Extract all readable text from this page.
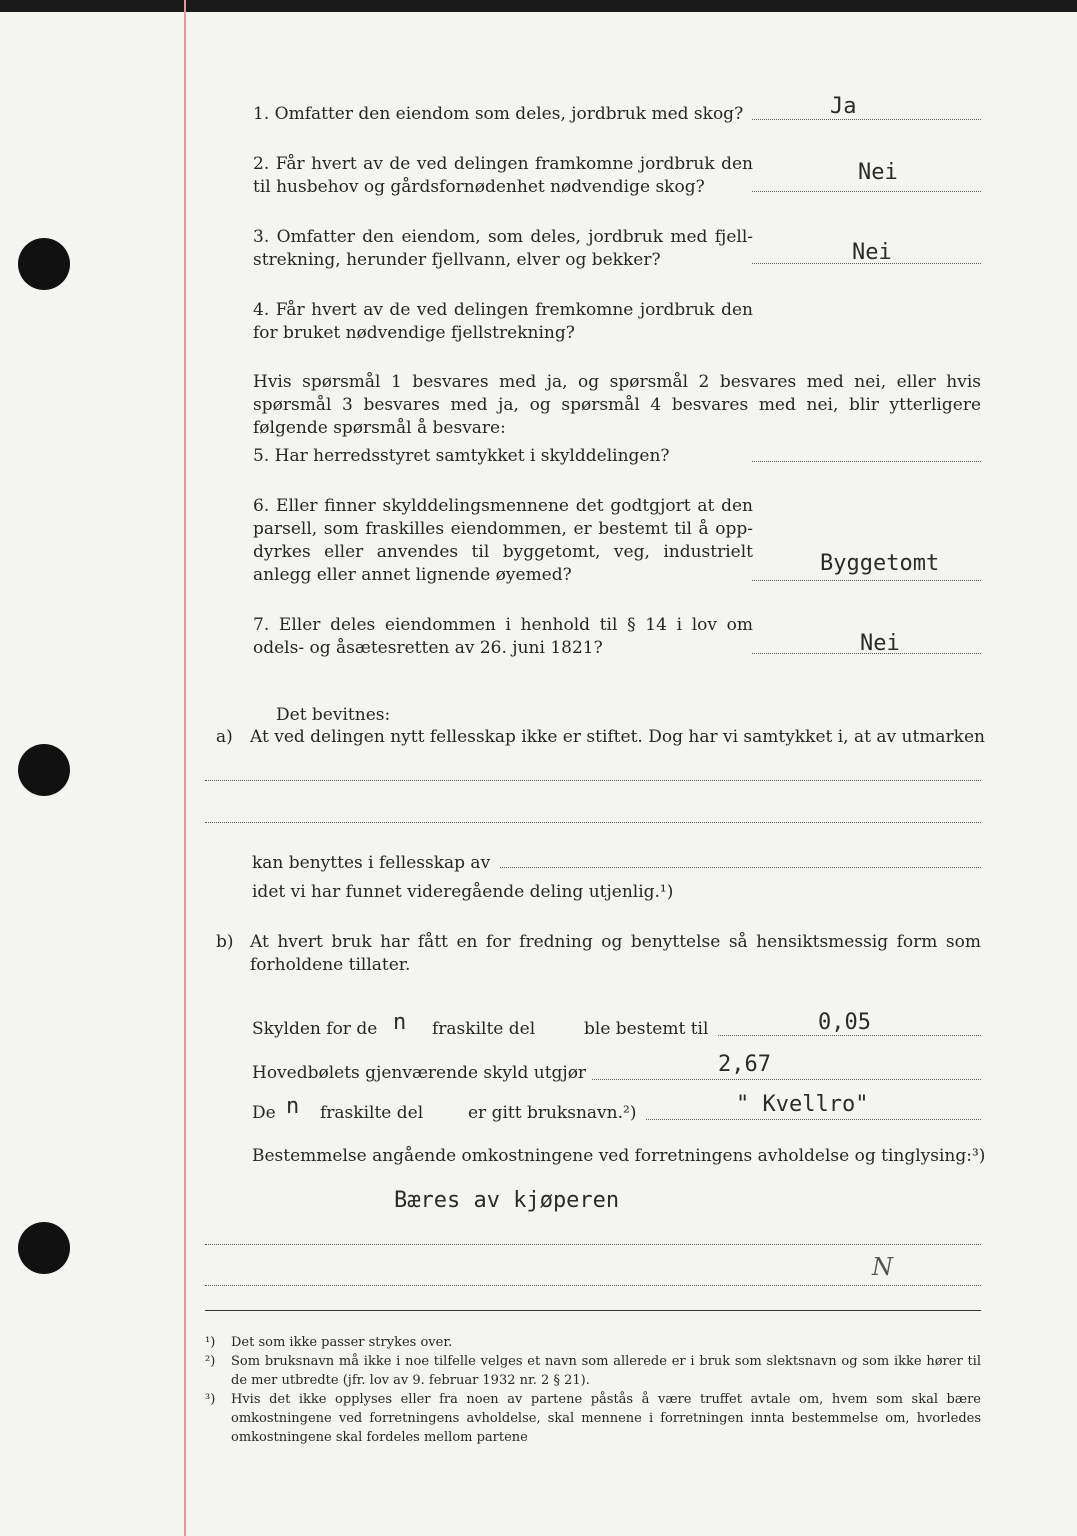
1. Omfatter den eiendom som deles, jordbruk med skog?	Ja
2. Får hvert av de ved delingen framkomne jordbruk den til husbehov og gårdsfornødenhet nødvendige skog?
Nei
3. Omfatter den eiendom, som deles, jordbruk med fjell-strekning, herunder fjellvann, elver og bekker?	Nei
4. Får hvert av de ved delingen fremkomne jordbruk den for bruket nødvendige fjellstrekning?
Hvis spørsmål 1 besvares med ja, og spørsmål 2 besvares med nei, eller hvis spørsmål 3 besvares med ja, og spørsmål 4 besvares med nei, blir ytterligere følgende spørsmål å besvare:
5. Har herredsstyret samtykket i skylddelingen?
6. Eller finner skylddelingsmennene det godtgjort at den parsell, som fraskilles eiendommen, er bestemt til å opp-dyrkes eller anvendes til byggetomt, veg, industrielt anlegg eller annet lignende øyemed?	Byggetomt
7. Eller deles eiendommen i henhold til § 14 i lov om odels- og åsætesretten av 26. juni 1821?	Nei
Det bevitnes:
a) At ved delingen nytt fellesskap ikke er stiftet. Dog har vi samtykket i, at av utmarken
kan benyttes i fellesskap av
idet vi har funnet videregående deling utjenlig.¹)
b) At hvert bruk har fått en for fredning og benyttelse så hensiktsmessig form som forholdene tillater.
Skylden for de n fraskilte del	ble bestemt til	0,05
Hovedbølets gjenværende skyld utgjør	2,67
De n fraskilte del	er gitt bruksnavn.²)	" Kvellro"
Bestemmelse angående omkostningene ved forretningens avholdelse og tinglysing:³)
Bæres av kjøperen
N
¹)	Det som ikke passer strykes over.
²)	Som bruksnavn må ikke i noe tilfelle velges et navn som allerede er i bruk som slektsnavn og som ikke hører til de mer utbredte (jfr. lov av 9. februar 1932 nr. 2 § 21).
³)	Hvis det ikke opplyses eller fra noen av partene påstås å være truffet avtale om, hvem som skal bære omkostningene ved forretningens avholdelse, skal mennene i forretningen innta bestemmelse om, hvorledes omkostningene skal fordeles mellom partene
